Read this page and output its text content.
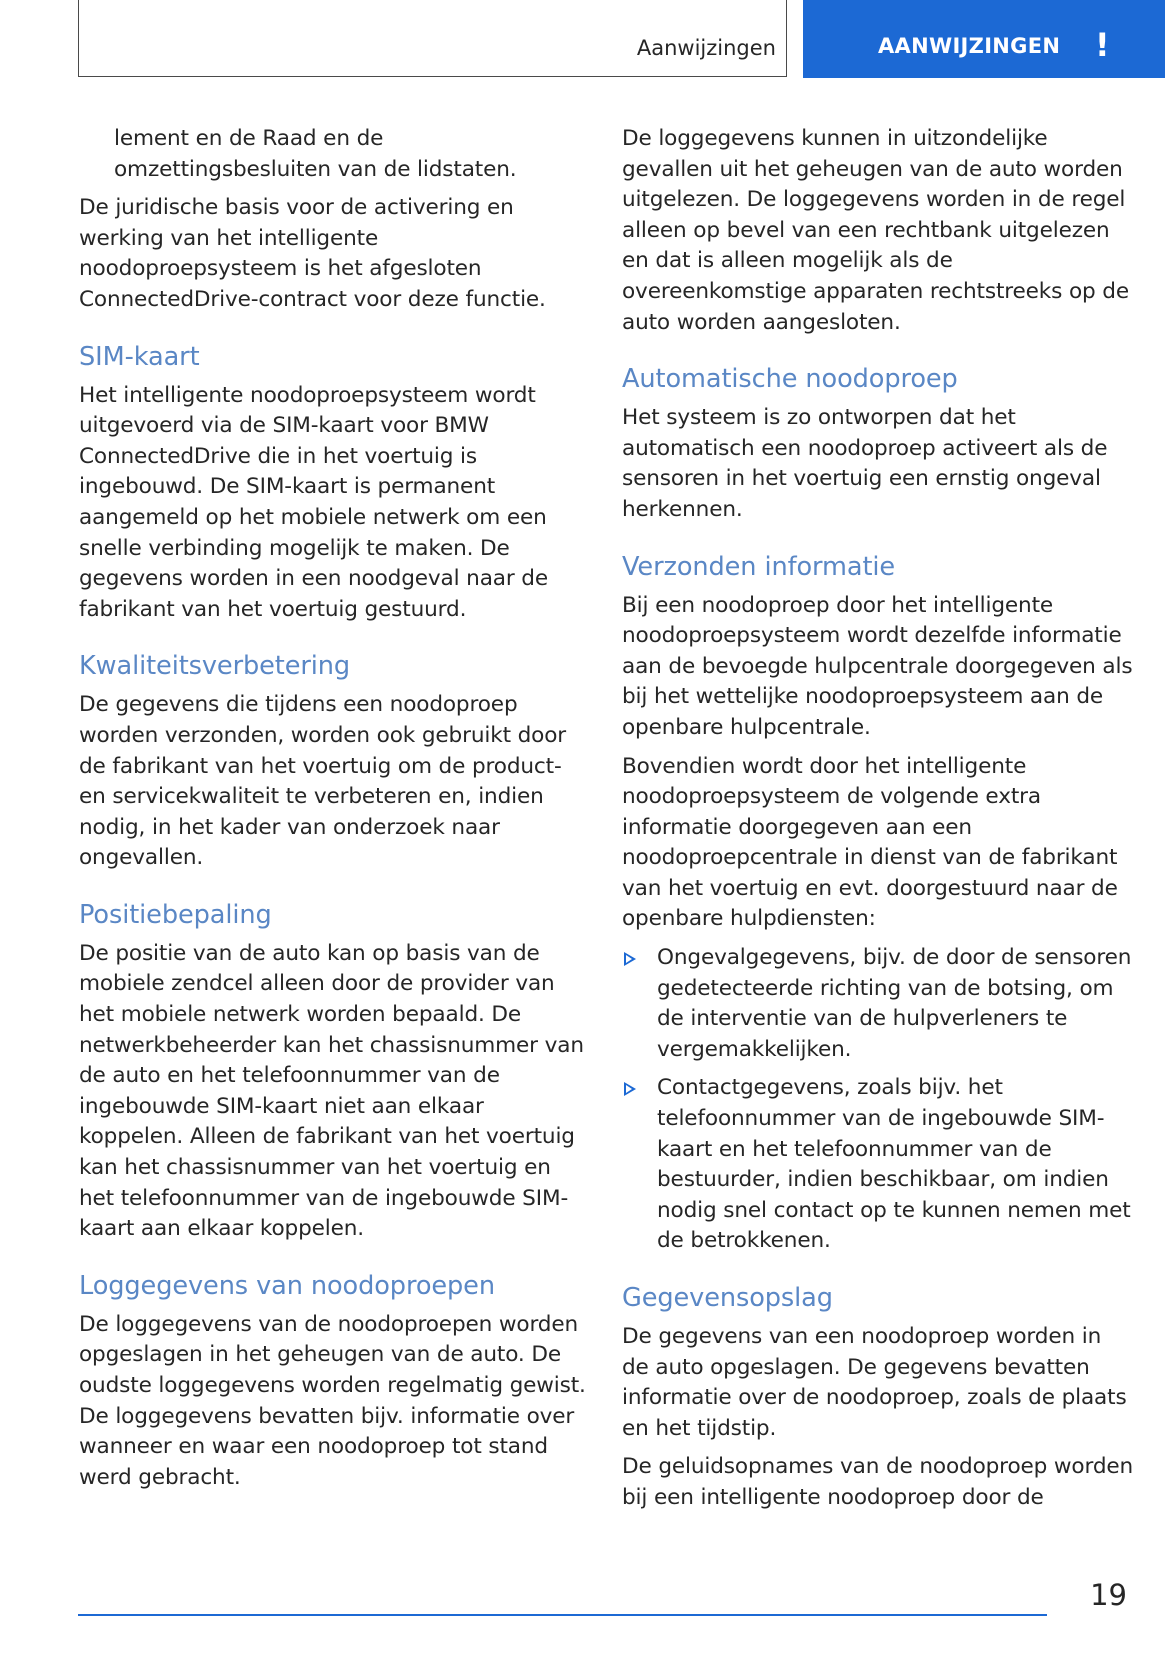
Aanwijzingen	AANWIJZINGEN !

lement en de Raad en de omzettingsbesluiten van de lidstaten.

De juridische basis voor de activering en werking van het intelligente noodoproepsysteem is het afgesloten ConnectedDrive-contract voor deze functie.

SIM-kaart

Het intelligente noodoproepsysteem wordt uitgevoerd via de SIM-kaart voor BMW ConnectedDrive die in het voertuig is ingebouwd. De SIM-kaart is permanent aangemeld op het mobiele netwerk om een snelle verbinding mogelijk te maken. De gegevens worden in een noodgeval naar de fabrikant van het voertuig gestuurd.

Kwaliteitsverbetering

De gegevens die tijdens een noodoproep worden verzonden, worden ook gebruikt door de fabrikant van het voertuig om de product- en servicekwaliteit te verbeteren en, indien nodig, in het kader van onderzoek naar ongevallen.

Positiebepaling

De positie van de auto kan op basis van de mobiele zendcel alleen door de provider van het mobiele netwerk worden bepaald. De netwerkbeheerder kan het chassisnummer van de auto en het telefoonnummer van de ingebouwde SIM-kaart niet aan elkaar koppelen. Alleen de fabrikant van het voertuig kan het chassisnummer van het voertuig en het telefoonnummer van de ingebouwde SIM-kaart aan elkaar koppelen.

Loggegevens van noodoproepen

De loggegevens van de noodoproepen worden opgeslagen in het geheugen van de auto. De oudste loggegevens worden regelmatig gewist. De loggegevens bevatten bijv. informatie over wanneer en waar een noodoproep tot stand werd gebracht.

De loggegevens kunnen in uitzondelijke gevallen uit het geheugen van de auto worden uitgelezen. De loggegevens worden in de regel alleen op bevel van een rechtbank uitgelezen en dat is alleen mogelijk als de overeenkomstige apparaten rechtstreeks op de auto worden aangesloten.

Automatische noodoproep

Het systeem is zo ontworpen dat het automatisch een noodoproep activeert als de sensoren in het voertuig een ernstig ongeval herkennen.

Verzonden informatie

Bij een noodoproep door het intelligente noodoproepsysteem wordt dezelfde informatie aan de bevoegde hulpcentrale doorgegeven als bij het wettelijke noodoproepsysteem aan de openbare hulpcentrale.

Bovendien wordt door het intelligente noodoproepsysteem de volgende extra informatie doorgegeven aan een noodoproepcentrale in dienst van de fabrikant van het voertuig en evt. doorgestuurd naar de openbare hulpdiensten:

Ongevalgegevens, bijv. de door de sensoren gedetecteerde richting van de botsing, om de interventie van de hulpverleners te vergemakkelijken.
Contactgegevens, zoals bijv. het telefoonnummer van de ingebouwde SIM-kaart en het telefoonnummer van de bestuurder, indien beschikbaar, om indien nodig snel contact op te kunnen nemen met de betrokkenen.
Gegevensopslag

De gegevens van een noodoproep worden in de auto opgeslagen. De gegevens bevatten informatie over de noodoproep, zoals de plaats en het tijdstip.

De geluidsopnames van de noodoproep worden bij een intelligente noodoproep door de

19
